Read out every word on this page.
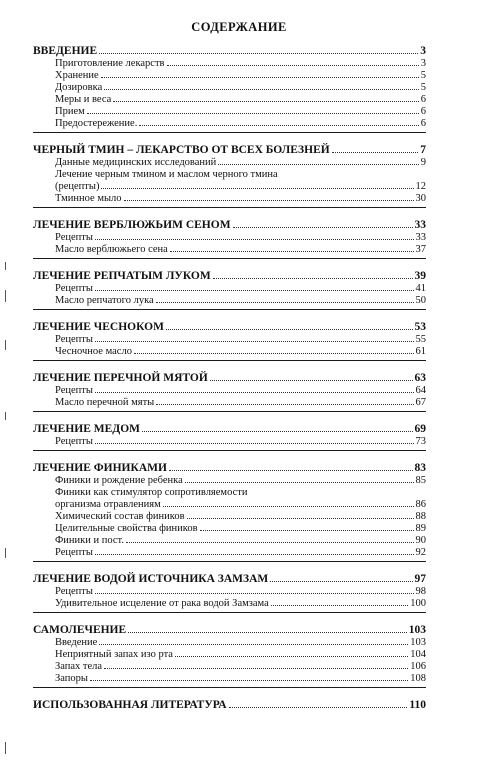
СОДЕРЖАНИЕ
ВВЕДЕНИЕ	3
Приготовление лекарств	3
Хранение	5
Дозировка	5
Меры и веса	6
Прием	6
Предостережение.	6
ЧЕРНЫЙ ТМИН – ЛЕКАРСТВО ОТ ВСЕХ БОЛЕЗНЕЙ	7
Данные медицинских исследований	9
Лечение черным тмином и маслом черного тмина
(рецепты)	12
Тминное мыло	30
ЛЕЧЕНИЕ ВЕРБЛЮЖЬИМ СЕНОМ	33
Рецепты	33
Масло верблюжьего сена	37
ЛЕЧЕНИЕ РЕПЧАТЫМ ЛУКОМ	39
Рецепты	41
Масло репчатого лука	50
ЛЕЧЕНИЕ ЧЕСНОКОМ	53
Рецепты	55
Чесночное масло	61
ЛЕЧЕНИЕ ПЕРЕЧНОЙ МЯТОЙ	63
Рецепты	64
Масло перечной мяты	67
ЛЕЧЕНИЕ МЕДОМ	69
Рецепты	73
ЛЕЧЕНИЕ ФИНИКАМИ	83
Финики и рождение ребенка	85
Финики как стимулятор сопротивляемости
организма отравлениям	86
Химический состав фиников	88
Целительные свойства фиников	89
Финики и пост.	90
Рецепты	92
ЛЕЧЕНИЕ ВОДОЙ ИСТОЧНИКА ЗАМЗАМ	97
Рецепты	98
Удивительное исцеление от рака водой Замзама	100
САМОЛЕЧЕНИЕ	103
Введение	103
Неприятный запах изо рта	104
Запах тела	106
Запоры	108
ИСПОЛЬЗОВАННАЯ ЛИТЕРАТУРА	110
